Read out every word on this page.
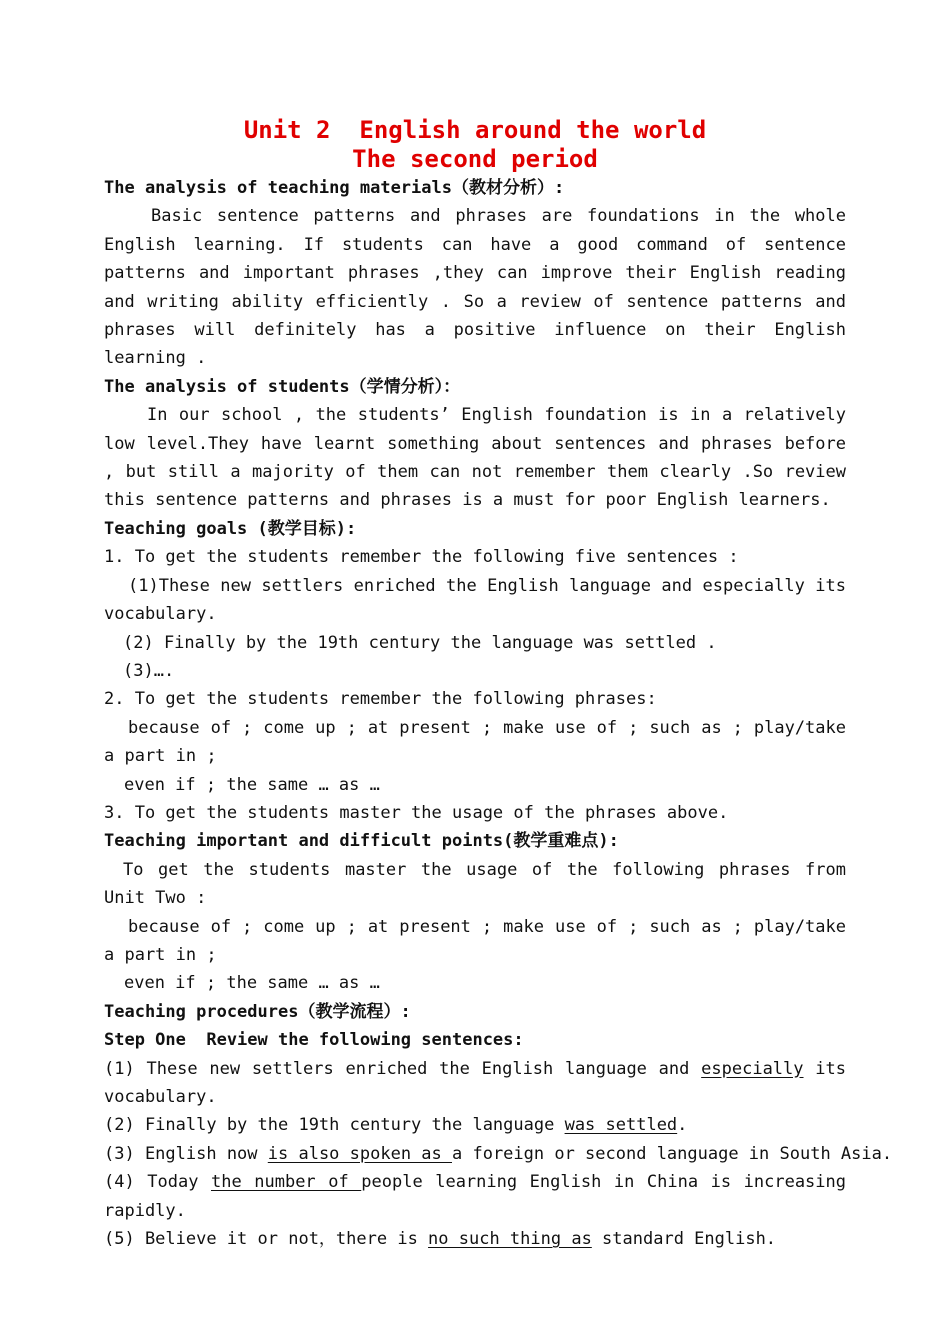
Unit 2  English around the world
The second period
The analysis of teaching materials（教材分析）:
Basic sentence patterns and phrases are foundations in the whole English learning. If students can have a good command of sentence patterns and important phrases ,they can improve their English reading and writing ability efficiently . So a review of sentence patterns and phrases will definitely has a positive influence on their English learning .
The analysis of students（学情分析）：
In our school , the students’ English foundation is in a relatively low level.They have learnt something about sentences and phrases before , but still a majority of them can not remember them clearly .So review this sentence patterns and phrases is a must for poor English learners.
Teaching goals (教学目标):
1. To get the students remember the following five sentences :
(1)These new settlers enriched the English language and especially its vocabulary.
(2) Finally by the 19th century the language was settled .
(3)….
2. To get the students remember the following phrases:
because of ; come up ; at present ; make use of ; such as ; play/take a part in ;
even if ; the same … as …
3. To get the students master the usage of the phrases above.
Teaching important and difficult points(教学重难点):
To get the students master the usage of the following phrases from Unit Two :
because of ; come up ; at present ; make use of ; such as ; play/take a part in ;
even if ; the same … as …
Teaching procedures（教学流程）:
Step One  Review the following sentences:
(1) These new settlers enriched the English language and especially its vocabulary.
(2) Finally by the 19th century the language was settled.
(3) English now is also spoken as a foreign or second language in South Asia.
(4) Today the number of people learning English in China is increasing rapidly.
(5) Believe it or not，there is no such thing as standard English.
